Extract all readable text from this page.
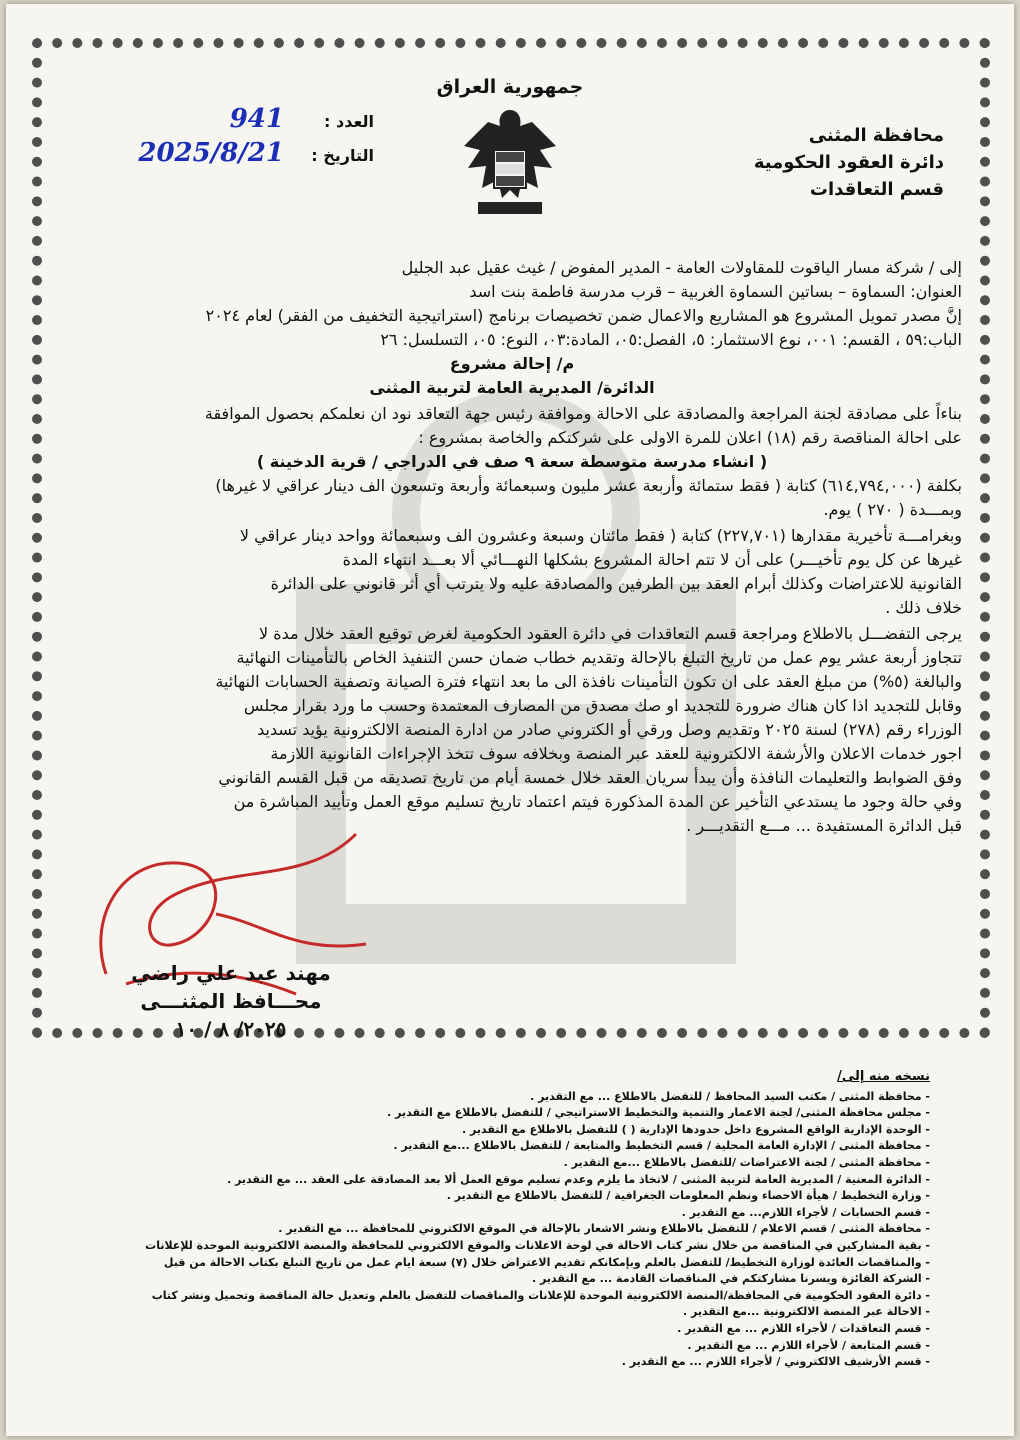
جمهورية العراق
محافظة المثنى
دائرة العقود الحكومية
قسم التعاقدات
العدد :
941
التاريخ :
2025/8/21
إلى / شركة مسار الياقوت للمقاولات العامة - المدير المفوض / غيث عقيل عبد الجليل
العنوان: السماوة – بساتين السماوة الغربية – قرب مدرسة فاطمة بنت اسد
إنَّ مصدر تمويل المشروع هو المشاريع والاعمال ضمن تخصيصات برنامج (استراتيجية التخفيف من الفقر) لعام ٢٠٢٤
الباب:٥٩ ، القسم: ٠٠١، نوع الاستثمار: ٥، الفصل:٠٥، المادة:٠٣، النوع: ٠٥، التسلسل: ٢٦
م/ إحالة مشروع
الدائرة/ المديرية العامة لتربية المثنى
بناءاً على مصادقة لجنة المراجعة والمصادقة على الاحالة وموافقة رئيس جهة التعاقد نود ان نعلمكم بحصول الموافقة
على احالة المناقصة رقم (١٨) اعلان للمرة الاولى على شركتكم والخاصة بمشروع :
( انشاء مدرسة متوسطة سعة ٩ صف في الدراجي / قرية الدخينة )
بكلفة (٦١٤,٧٩٤,٠٠٠) كتابة ( فقط ستمائة وأربعة عشر مليون وسبعمائة وأربعة وتسعون الف دينار عراقي لا غيرها)
وبمـــدة ( ٢٧٠ ) يوم.
وبغرامـــة تأخيرية مقدارها (٢٢٧,٧٠١) كتابة ( فقط مائتان وسبعة وعشرون الف وسبعمائة وواحد دينار عراقي لا
غيرها عن كل يوم تأخيـــر) على أن لا تتم احالة المشروع بشكلها النهـــائي ألا بعـــد انتهاء المدة
القانونية للاعتراضات وكذلك أبرام العقد بين الطرفين والمصادقة عليه ولا يترتب أي أثر قانوني على الدائرة
خلاف ذلك .
يرجى التفضـــل بالاطلاع ومراجعة قسم التعاقدات في دائرة العقود الحكومية لغرض توقيع العقد خلال مدة لا
تتجاوز أربعة عشر يوم عمل من تاريخ التبلغ بالإحالة وتقديم خطاب ضمان حسن التنفيذ الخاص بالتأمينات النهائية
والبالغة (٥%) من مبلغ العقد على ان تكون التأمينات نافذة الى ما بعد انتهاء فترة الصيانة وتصفية الحسابات النهائية
وقابل للتجديد اذا كان هناك ضرورة للتجديد او صك مصدق من المصارف المعتمدة وحسب ما ورد بقرار مجلس
الوزراء رقم (٢٧٨) لسنة ٢٠٢٥ وتقديم وصل ورقي أو الكتروني صادر من ادارة المنصة الالكترونية يؤيد تسديد
اجور خدمات الاعلان والأرشفة الالكترونية للعقد عبر المنصة وبخلافه سوف تتخذ الإجراءات القانونية اللازمة
وفق الضوابط والتعليمات النافذة وأن يبدأ سريان العقد خلال خمسة أيام من تاريخ تصديقه من قبل القسم القانوني
وفي حالة وجود ما يستدعي التأخير عن المدة المذكورة فيتم اعتماد تاريخ تسليم موقع العمل وتأييد المباشرة من
قبل الدائرة المستفيدة ... مـــع التقديـــر .
مهند عبد علي راضي
محـــافظ المثنـــى
٢٠٢٥/ ٨ / ١٠
نسخه منه إلى/
- محافظة المثنى / مكتب السيد المحافظ / للتفضل بالاطلاع ... مع التقدير .
- مجلس محافظة المثنى/ لجنة الاعمار والتنمية والتخطيط الاستراتيجي / للتفضل بالاطلاع مع التقدير .
- الوحدة الإدارية الواقع المشروع داخل حدودها الإدارية ( ) للتفضل بالاطلاع مع التقدير .
- محافظة المثنى / الإدارة العامة المحلية / قسم التخطيط والمتابعة / للتفضل بالاطلاع ...مع التقدير .
- محافظة المثنى / لجنة الاعتراضات /للتفضل بالاطلاع ...مع التقدير .
- الدائرة المعنية / المديرية العامة لتربية المثنى / لاتخاذ ما يلزم وعدم تسليم موقع العمل ألا بعد المصادقة على العقد ... مع التقدير .
- وزارة التخطيط / هيأة الاحصاء ونظم المعلومات الجغرافية / للتفضل بالاطلاع مع التقدير .
- قسم الحسابات / لأجراء اللازم... مع التقدير .
- محافظة المثنى / قسم الاعلام / للتفضل بالاطلاع ونشر الاشعار بالإحالة في الموقع الالكتروني للمحافظة ... مع التقدير .
- بقية المشاركين في المناقصة من خلال نشر كتاب الاحالة في لوحة الاعلانات والموقع الالكتروني للمحافظة والمنصة الالكترونية الموحدة للإعلانات
- والمناقصات العائدة لوزارة التخطيط/ للتفضل بالعلم وبإمكانكم تقديم الاعتراض خلال (٧) سبعة ايام عمل من تاريخ التبلغ بكتاب الاحالة من قبل
- الشركة الفائزة ويسرنا مشاركتكم في المناقصات القادمة ... مع التقدير .
- دائرة العقود الحكومية في المحافظة/المنصة الالكترونية الموحدة للإعلانات والمناقصات للتفضل بالعلم وتعديل حالة المناقصة وتحميل ونشر كتاب
- الاحالة عبر المنصة الالكترونية ...مع التقدير .
- قسم التعاقدات / لأجراء اللازم ... مع التقدير .
- قسم المتابعة / لأجراء اللازم ... مع التقدير .
- قسم الأرشيف الالكتروني / لأجراء اللازم ... مع التقدير .
